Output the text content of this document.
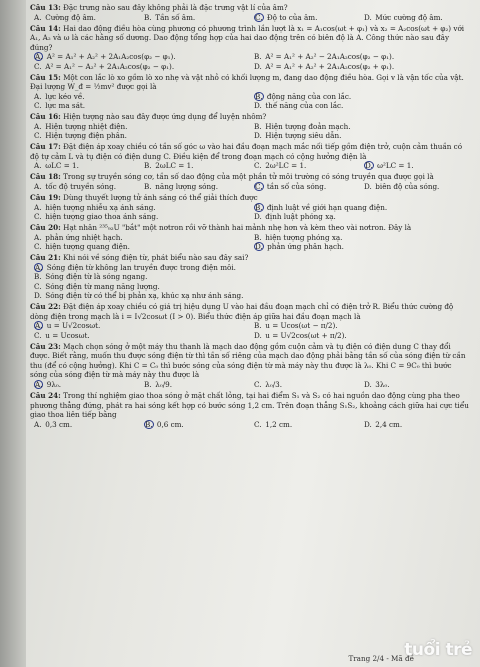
Câu 13: Đặc trưng nào sau đây không phải là đặc trưng vật lí của âm?
A. Cường độ âm.	B. Tần số âm.	C. Độ to của âm.	D. Mức cường độ âm.
Câu 14: Hai dao động điều hòa cùng phương có phương trình lần lượt là x₁ = A₁cos(ωt + φ₁) và x₂ = A₂cos(ωt + φ₂) với A₁, A₂ và ω là các hằng số dương. Dao động tổng hợp của hai dao động trên có biên độ là A. Công thức nào sau đây đúng?
A. A² = A₁² + A₂² + 2A₁A₂cos(φ₂ − φ₁).	B. A² = A₁² + A₂² − 2A₁A₂cos(φ₂ − φ₁).
C. A² = A₁² − A₂² + 2A₁A₂cos(φ₂ − φ₁).	D. A² = A₁² + A₂² + 2A₁A₂cos(φ₂ + φ₁).
Câu 15: Một con lắc lò xo gồm lò xo nhẹ và vật nhỏ có khối lượng m, đang dao động điều hòa. Gọi v là vận tốc của vật. Đại lượng W_đ = ½mv² được gọi là
A. lực kéo về.	B. động năng của con lắc.
C. lực ma sát.	D. thế năng của con lắc.
Câu 16: Hiện tượng nào sau đây được ứng dụng để luyện nhôm?
A. Hiện tượng nhiệt điện.	B. Hiện tượng đoản mạch.
C. Hiện tượng điện phân.	D. Hiện tượng siêu dẫn.
Câu 17: Đặt điện áp xoay chiều có tần số góc ω vào hai đầu đoạn mạch mắc nối tiếp gồm điện trở, cuộn cảm thuần có độ tự cảm L và tụ điện có điện dung C. Điều kiện để trong đoạn mạch có cộng hưởng điện là
A. ωLC = 1.	B. 2ωLC = 1.	C. 2ω²LC = 1.	D. ω²LC = 1.
Câu 18: Trong sự truyền sóng cơ, tần số dao động của một phần tử môi trường có sóng truyền qua được gọi là
A. tốc độ truyền sóng.	B. năng lượng sóng.	C. tần số của sóng.	D. biên độ của sóng.
Câu 19: Dùng thuyết lượng tử ánh sáng có thể giải thích được
A. hiện tượng nhiễu xạ ánh sáng.	B. định luật về giới hạn quang điện.
C. hiện tượng giao thoa ánh sáng.	D. định luật phóng xạ.
Câu 20: Hạt nhân ²³⁵₉₂U "bắt" một nơtron rồi vỡ thành hai mảnh nhẹ hơn và kèm theo vài nơtron. Đây là
A. phản ứng nhiệt hạch.	B. hiện tượng phóng xạ.
C. hiện tượng quang điện.	D. phản ứng phân hạch.
Câu 21: Khi nói về sóng điện từ, phát biểu nào sau đây sai?
A. Sóng điện từ không lan truyền được trong điện môi.
B. Sóng điện từ là sóng ngang.
C. Sóng điện từ mang năng lượng.
D. Sóng điện từ có thể bị phản xạ, khúc xạ như ánh sáng.
Câu 22: Đặt điện áp xoay chiều có giá trị hiệu dụng U vào hai đầu đoạn mạch chỉ có điện trở R. Biểu thức cường độ dòng điện trong mạch là i = I√2cosωt (I > 0). Biểu thức điện áp giữa hai đầu đoạn mạch là
A. u = U√2cosωt.	B. u = Ucos(ωt − π/2).
C. u = Ucosωt.	D. u = U√2cos(ωt + π/2).
Câu 23: Mạch chọn sóng ở một máy thu thanh là mạch dao động gồm cuộn cảm và tụ điện có điện dung C thay đổi được. Biết rằng, muốn thu được sóng điện từ thì tần số riêng của mạch dao động phải bằng tần số của sóng điện từ cần thu (để có cộng hưởng). Khi C = C₀ thì bước sóng của sóng điện từ mà máy này thu được là λ₀. Khi C = 9C₀ thì bước sóng của sóng điện từ mà máy này thu được là
A. 9λ₀.	B. λ₀/9.	C. λ₀/3.	D. 3λ₀.
Câu 24: Trong thí nghiệm giao thoa sóng ở mặt chất lỏng, tại hai điểm S₁ và S₂ có hai nguồn dao động cùng pha theo phương thẳng đứng, phát ra hai sóng kết hợp có bước sóng 1,2 cm. Trên đoạn thẳng S₁S₂, khoảng cách giữa hai cực tiểu giao thoa liên tiếp bằng
A. 0,3 cm.	B. 0,6 cm.	C. 1,2 cm.	D. 2,4 cm.
Trang 2/4 - Mã đề
tuổi trẻ
